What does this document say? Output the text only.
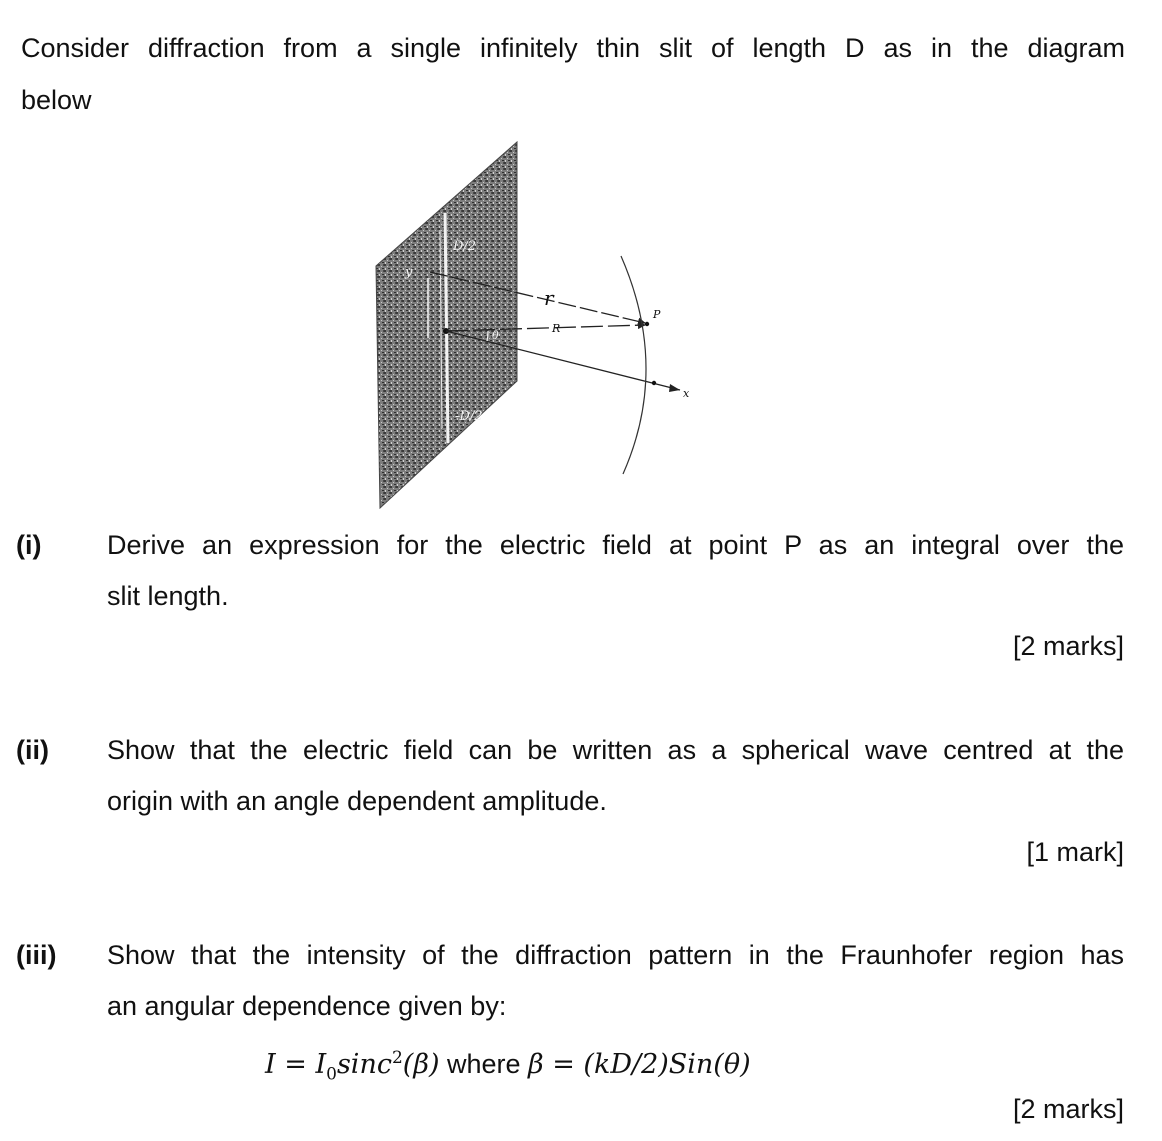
Consider diffraction from a single infinitely thin slit of length D as in the diagram
below
D/2
-D/2
y
θ
r
R
P
x
(i) Derive an expression for the electric field at point P as an integral over the
slit length.
[2 marks]
(ii) Show that the electric field can be written as a spherical wave centred at the
origin with an angle dependent amplitude.
[1 mark]
(iii) Show that the intensity of the diffraction pattern in the Fraunhofer region has
an angular dependence given by:
$I = I_0\sin c^2(\beta)$ where β = (kD/2)Sin(θ)
[2 marks]
